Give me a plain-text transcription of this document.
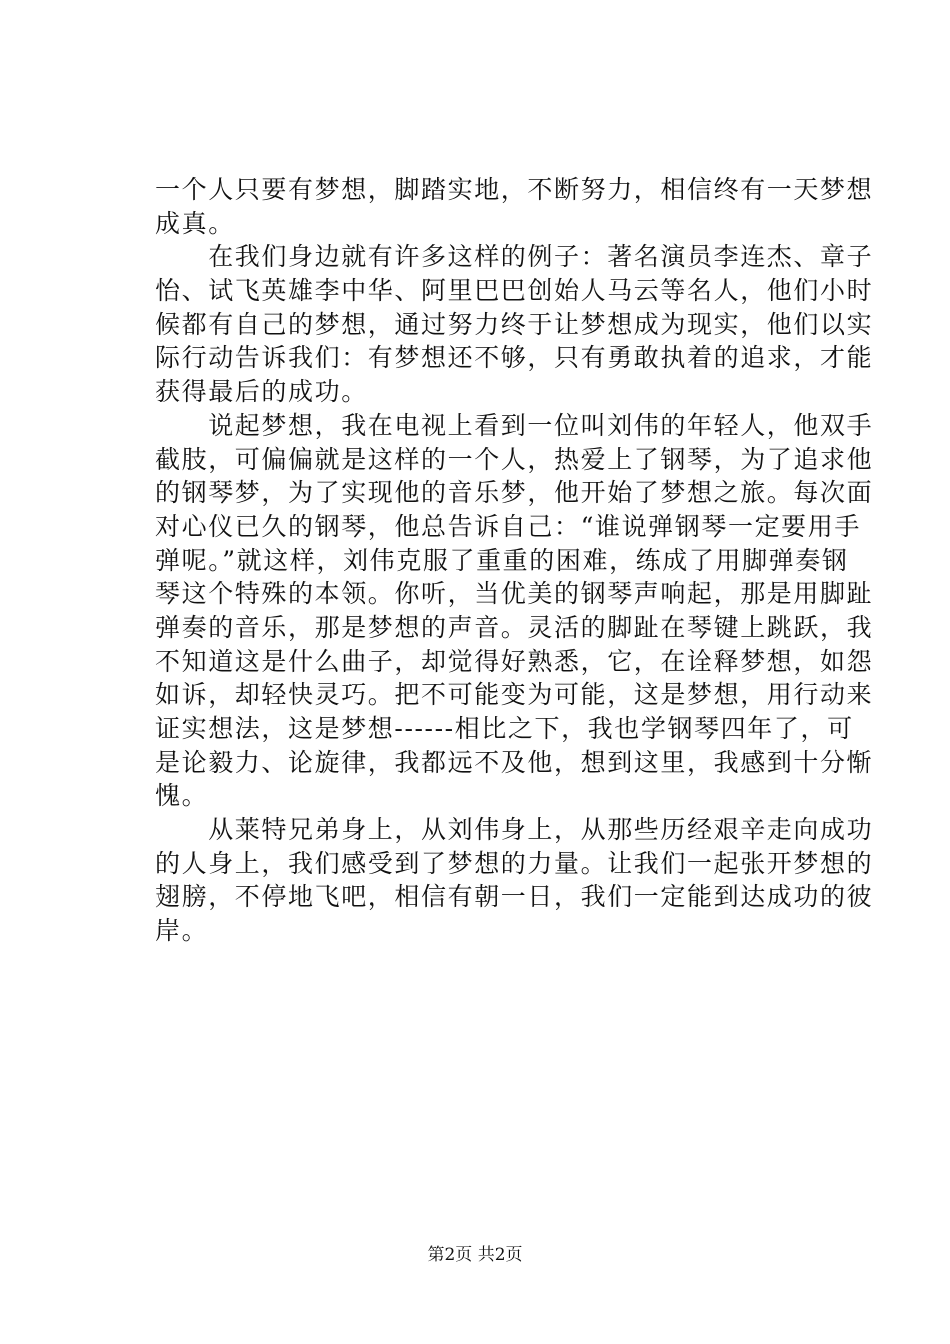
一个人只要有梦想，脚踏实地，不断努力，相信终有一天梦想
成真。
　　在我们身边就有许多这样的例子：著名演员李连杰、章子
怡、试飞英雄李中华、阿里巴巴创始人马云等名人，他们小时
候都有自己的梦想，通过努力终于让梦想成为现实，他们以实
际行动告诉我们：有梦想还不够，只有勇敢执着的追求，才能
获得最后的成功。
　　说起梦想，我在电视上看到一位叫刘伟的年轻人，他双手
截肢，可偏偏就是这样的一个人，热爱上了钢琴，为了追求他
的钢琴梦，为了实现他的音乐梦，他开始了梦想之旅。每次面
对心仪已久的钢琴，他总告诉自己：“谁说弹钢琴一定要用手
弹呢。”就这样，刘伟克服了重重的困难，练成了用脚弹奏钢
琴这个特殊的本领。你听，当优美的钢琴声响起，那是用脚趾
弹奏的音乐，那是梦想的声音。灵活的脚趾在琴键上跳跃，我
不知道这是什么曲子，却觉得好熟悉，它，在诠释梦想，如怨
如诉，却轻快灵巧。把不可能变为可能，这是梦想，用行动来
证实想法，这是梦想------相比之下，我也学钢琴四年了，可
是论毅力、论旋律，我都远不及他，想到这里，我感到十分惭
愧。
　　从莱特兄弟身上，从刘伟身上，从那些历经艰辛走向成功
的人身上，我们感受到了梦想的力量。让我们一起张开梦想的
翅膀，不停地飞吧，相信有朝一日，我们一定能到达成功的彼
岸。
第2页 共2页
